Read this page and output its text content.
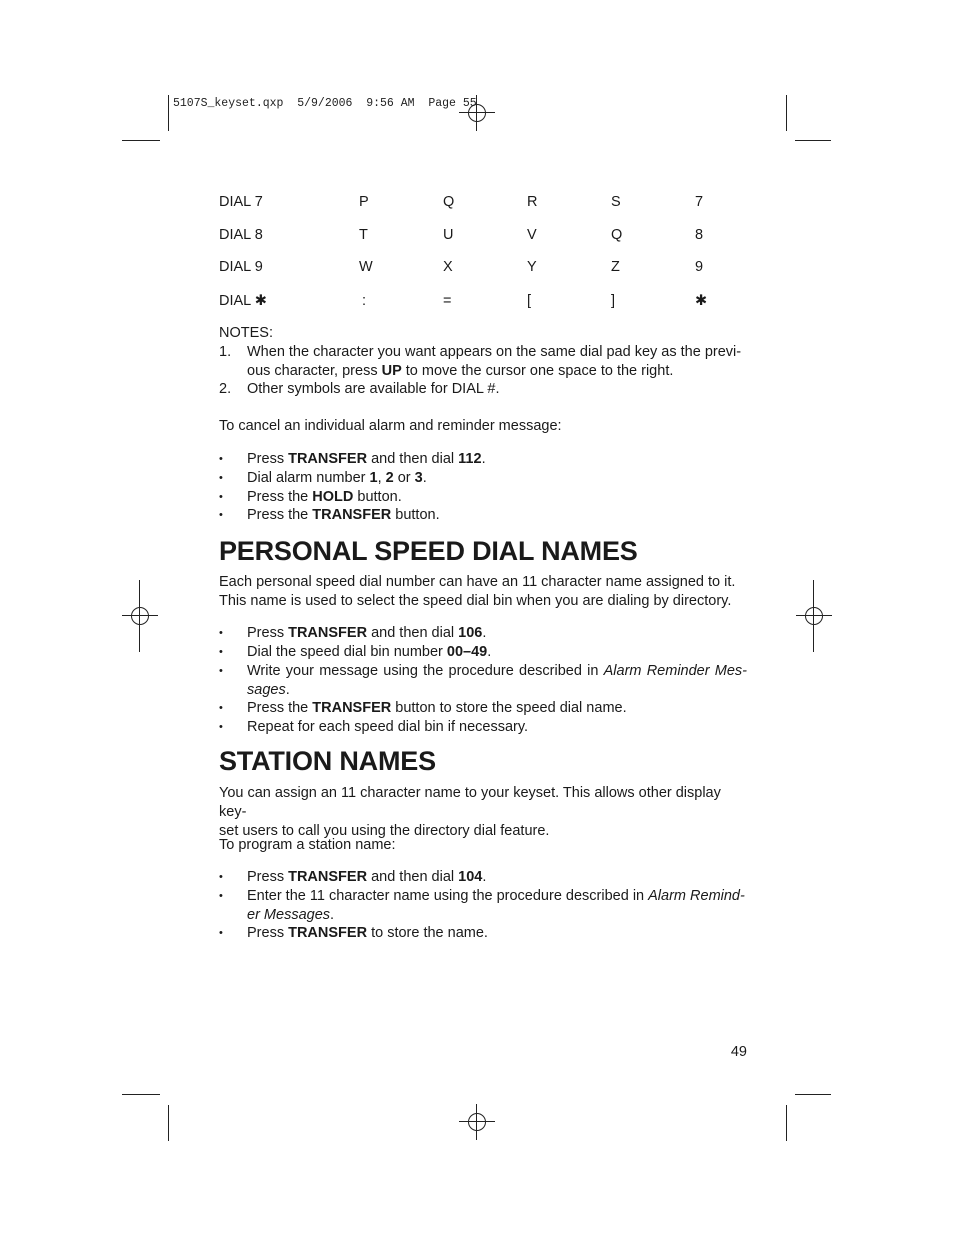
5107S_keyset.qxp  5/9/2006  9:56 AM  Page 55
DIAL 7	P	Q	R	S	7
DIAL 8	T	U	V	Q	8
DIAL 9	W	X	Y	Z	9
DIAL ✱	:	=	[	]	✱
NOTES:
1. When the character you want appears on the same dial pad key as the previ-
ous character, press UP to move the cursor one space to the right.
2. Other symbols are available for DIAL #.
To cancel an individual alarm and reminder message:
• Press TRANSFER and then dial 112.
• Dial alarm number 1, 2 or 3.
• Press the HOLD button.
• Press the TRANSFER button.
PERSONAL SPEED DIAL NAMES
Each personal speed dial number can have an 11 character name assigned to it.
This name is used to select the speed dial bin when you are dialing by directory.
• Press TRANSFER and then dial 106.
• Dial the speed dial bin number 00–49.
• Write your message using the procedure described in Alarm Reminder Mes-
sages.
• Press the TRANSFER button to store the speed dial name.
• Repeat for each speed dial bin if necessary.
STATION NAMES
You can assign an 11 character name to your keyset. This allows other display key-
set users to call you using the directory dial feature.
To program a station name:
• Press TRANSFER and then dial 104.
• Enter the 11 character name using the procedure described in Alarm Remind-
er Messages.
• Press TRANSFER to store the name.
49
